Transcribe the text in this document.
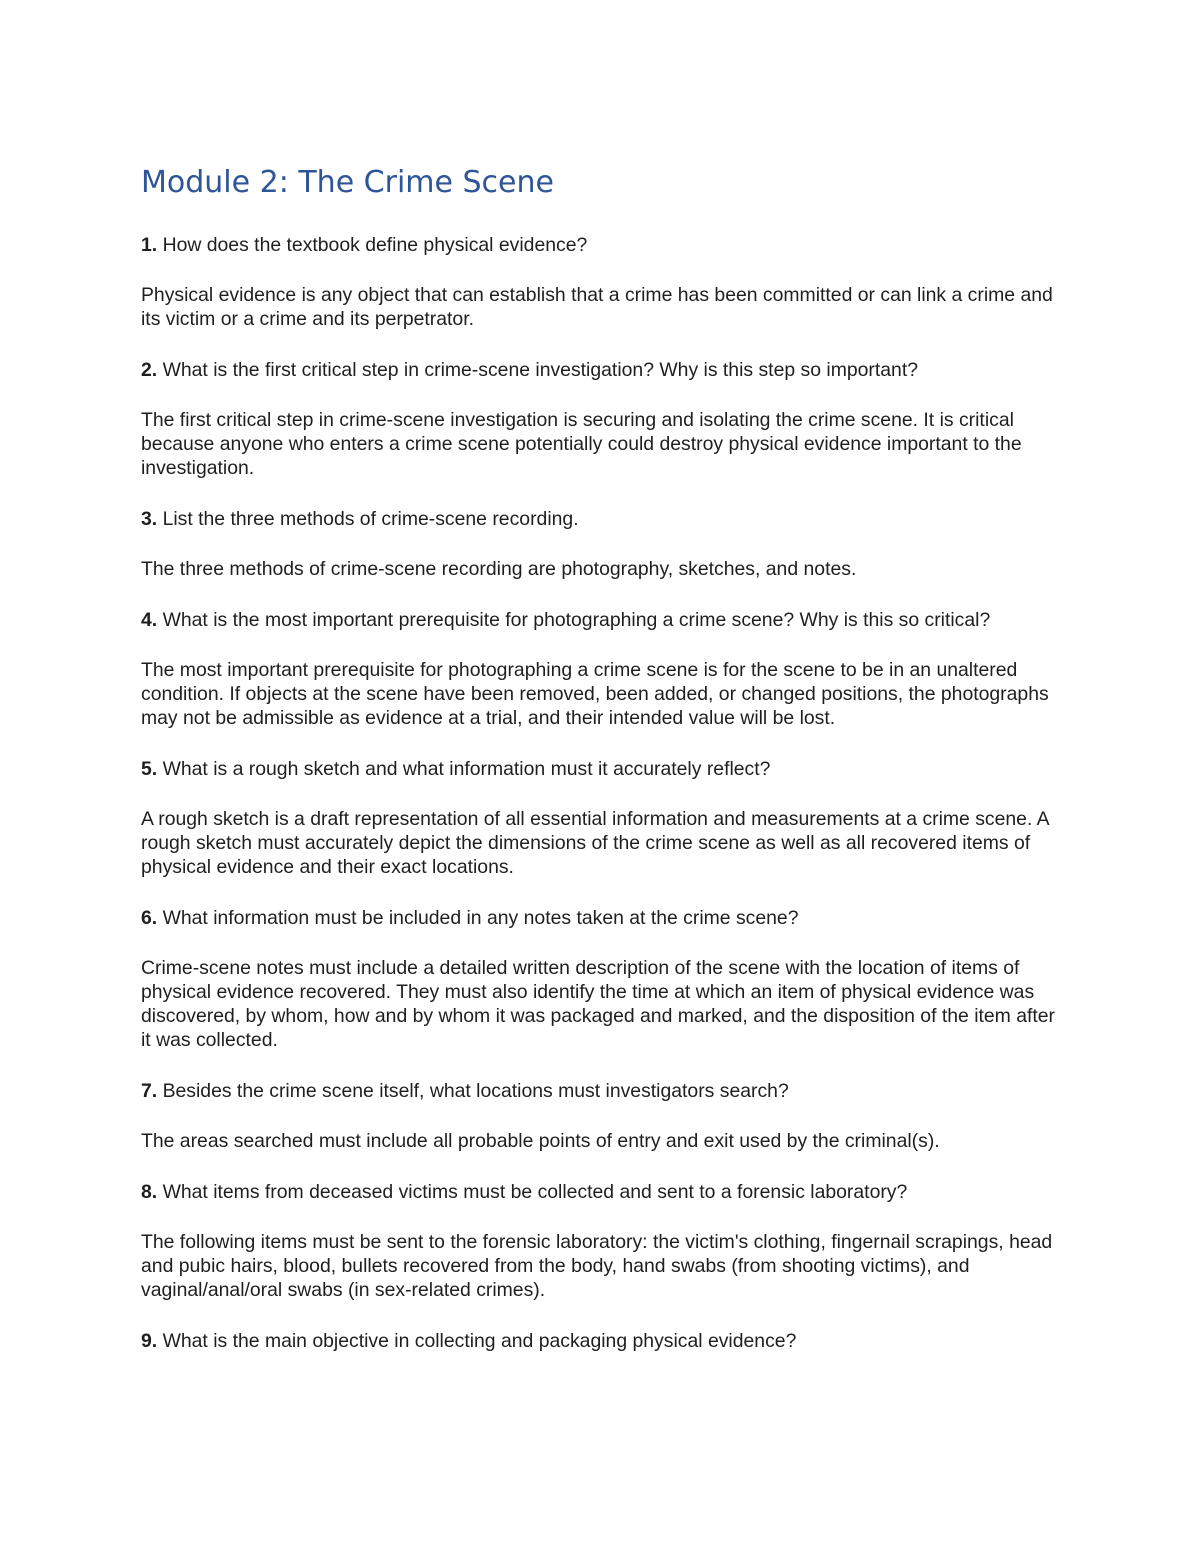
Module 2: The Crime Scene

1. How does the textbook define physical evidence?

Physical evidence is any object that can establish that a crime has been committed or can link a crime and its victim or a crime and its perpetrator.

2. What is the first critical step in crime-scene investigation? Why is this step so important?

The first critical step in crime-scene investigation is securing and isolating the crime scene. It is critical because anyone who enters a crime scene potentially could destroy physical evidence important to the investigation.

3. List the three methods of crime-scene recording.

The three methods of crime-scene recording are photography, sketches, and notes.

4. What is the most important prerequisite for photographing a crime scene? Why is this so critical?

The most important prerequisite for photographing a crime scene is for the scene to be in an unaltered condition. If objects at the scene have been removed, been added, or changed positions, the photographs may not be admissible as evidence at a trial, and their intended value will be lost.

5. What is a rough sketch and what information must it accurately reflect?

A rough sketch is a draft representation of all essential information and measurements at a crime scene. A rough sketch must accurately depict the dimensions of the crime scene as well as all recovered items of physical evidence and their exact locations.

6. What information must be included in any notes taken at the crime scene?

Crime-scene notes must include a detailed written description of the scene with the location of items of physical evidence recovered. They must also identify the time at which an item of physical evidence was discovered, by whom, how and by whom it was packaged and marked, and the disposition of the item after it was collected.

7. Besides the crime scene itself, what locations must investigators search?

The areas searched must include all probable points of entry and exit used by the criminal(s).

8. What items from deceased victims must be collected and sent to a forensic laboratory?

The following items must be sent to the forensic laboratory: the victim's clothing, fingernail scrapings, head and pubic hairs, blood, bullets recovered from the body, hand swabs (from shooting victims), and vaginal/anal/oral swabs (in sex-related crimes).

9. What is the main objective in collecting and packaging physical evidence?
